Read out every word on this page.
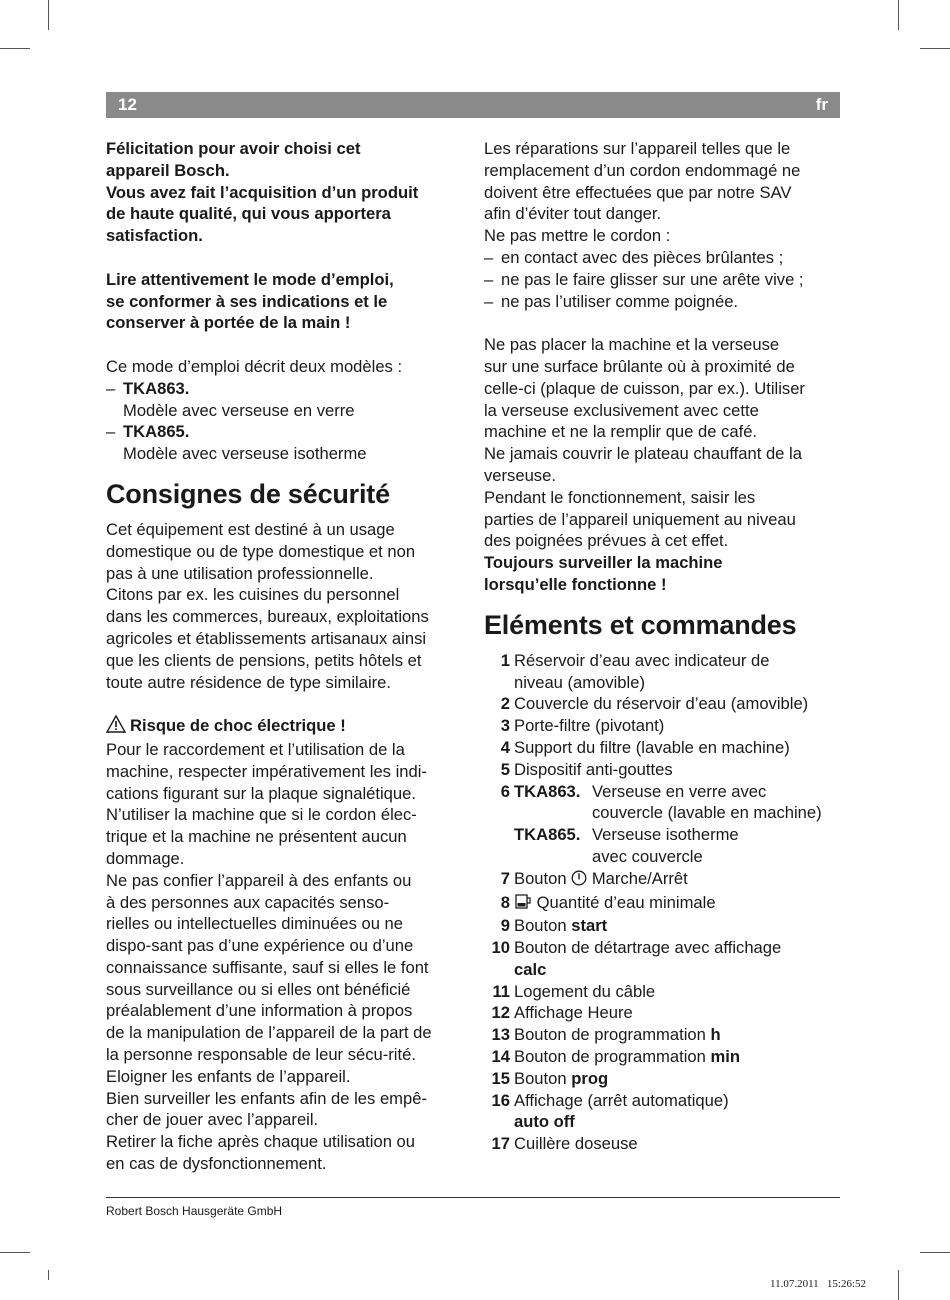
12	fr

Félicitation pour avoir choisi cet

appareil Bosch.

Vous avez fait l’acquisition d’un produit

de haute qualité, qui vous apportera

satisfaction.

Lire attentivement le mode d’emploi,

se conformer à ses indications et le

conserver à portée de la main !

Ce mode d’emploi décrit deux modèles :

– TKA863.

Modèle avec verseuse en verre

– TKA865.

Modèle avec verseuse isotherme

Consignes de sécurité

Cet équipement est destiné à un usage

domestique ou de type domestique et non

pas à une utilisation professionnelle.

Citons par ex. les cuisines du personnel

dans les commerces, bureaux, exploitations

agricoles et établissements artisanaux ainsi

que les clients de pensions, petits hôtels et

toute autre résidence de type similaire.

Risque de choc électrique !

Pour le raccordement et l’utilisation de la

machine, respecter impérativement les indi-

cations figurant sur la plaque signalétique.

N’utiliser la machine que si le cordon élec-

trique et la machine ne présentent aucun

dommage.

Ne pas confier l’appareil à des enfants ou

à des personnes aux capacités senso-

rielles ou intellectuelles diminuées ou ne

dispo-sant pas d’une expérience ou d’une

connaissance suffisante, sauf si elles le font

sous surveillance ou si elles ont bénéficié

préalablement d’une information à propos

de la manipulation de l’appareil de la part de

la personne responsable de leur sécu-rité.

Eloigner les enfants de l’appareil.

Bien surveiller les enfants afin de les empê-

cher de jouer avec l’appareil.

Retirer la fiche après chaque utilisation ou

en cas de dysfonctionnement.

Les réparations sur l’appareil telles que le

remplacement d’un cordon endommagé ne

doivent être effectuées que par notre SAV

afin d’éviter tout danger.

Ne pas mettre le cordon :

– en contact avec des pièces brûlantes ;
– ne pas le faire glisser sur une arête vive ;
– ne pas l’utiliser comme poignée.

Ne pas placer la machine et la verseuse

sur une surface brûlante où à proximité de

celle-ci (plaque de cuisson, par ex.). Utiliser

la verseuse exclusivement avec cette

machine et ne la remplir que de café.

Ne jamais couvrir le plateau chauffant de la

verseuse.

Pendant le fonctionnement, saisir les

parties de l’appareil uniquement au niveau

des poignées prévues à cet effet.

Toujours surveiller la machine

lorsqu’elle fonctionne !

Eléments et commandes
1 Réservoir d’eau avec indicateur de
niveau (amovible)
2 Couvercle du réservoir d’eau (amovible)
3 Porte-filtre (pivotant)
4 Support du filtre (lavable en machine)
5 Dispositif anti-gouttes
6 TKA863. Verseuse en verre avec
couvercle (lavable en machine)
TKA865. Verseuse isotherme
avec couvercle
7 Bouton Marche/Arrêt
8	Quantité d’eau minimale
9 Bouton start
10 Bouton de détartrage avec affichage
calc
11 Logement du câble
12 Affichage Heure
13 Bouton de programmation h
14 Bouton de programmation min
15 Bouton prog
16 Affichage (arrêt automatique)
auto off
17 Cuillère doseuse
Robert Bosch Hausgeräte GmbH
11.07.2011   15:26:52
